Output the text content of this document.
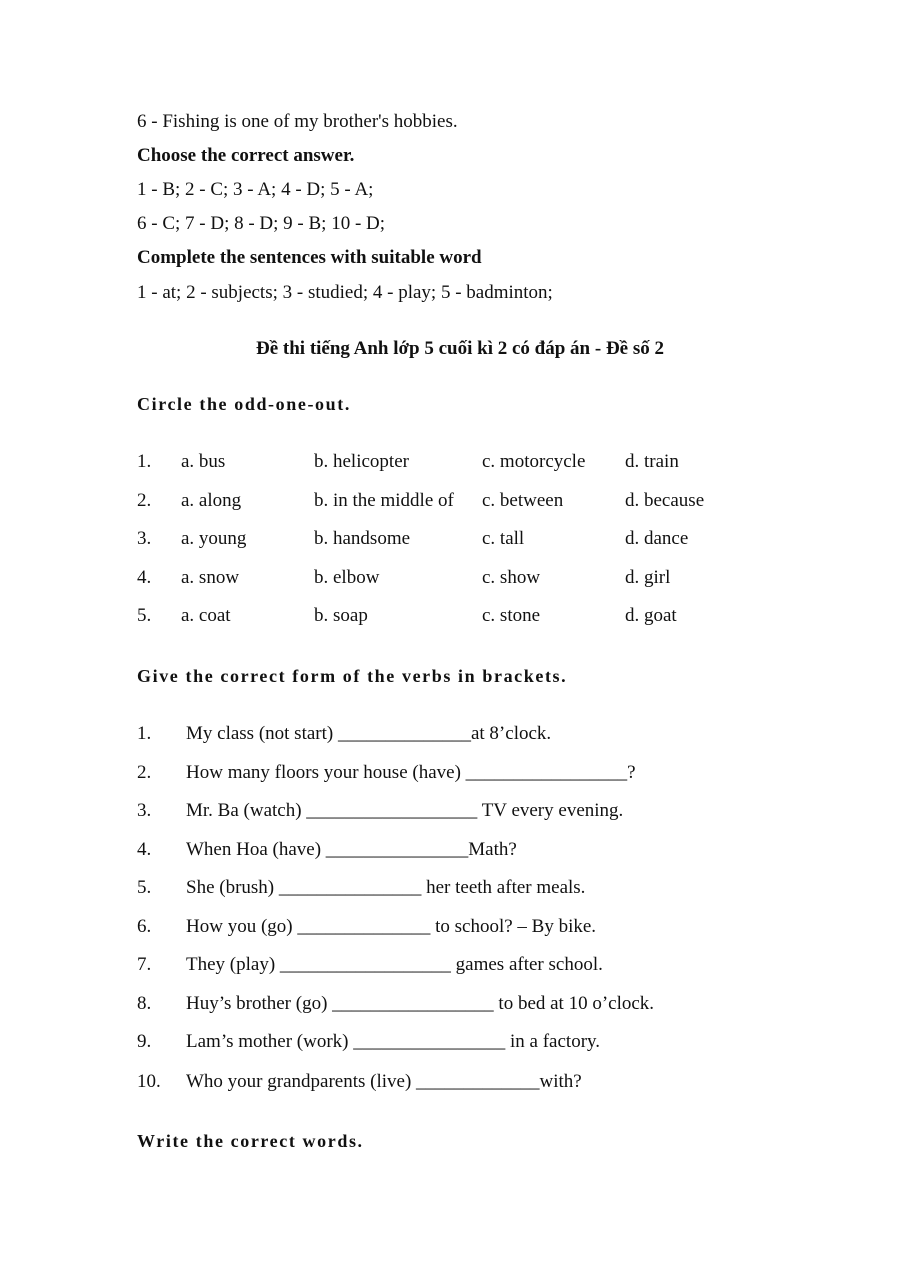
6 - Fishing is one of my brother's hobbies.
Choose the correct answer.
1 - B; 2 - C; 3 - A; 4 - D; 5 - A;
6 - C; 7 - D; 8 - D; 9 - B; 10 - D;
Complete the sentences with suitable word
1 - at; 2 - subjects; 3 - studied; 4 - play; 5 - badminton;
Đề thi tiếng Anh lớp 5 cuối kì 2 có đáp án - Đề số 2
Circle the odd-one-out.
1. a. bus	b. helicopter	c. motorcycle d. train
2. a. along	b. in the middle of c. between	d. because
3. a. young	b. handsome	c. tall	d. dance
4. a. snow	b. elbow	c. show	d. girl
5. a. coat	b. soap	c. stone	d. goat
Give the correct form of the verbs in brackets.
1. My class (not start) ______________at 8’clock.
2. How many floors your house (have) _________________?
3. Mr. Ba (watch) __________________ TV every evening.
4. When Hoa (have) _______________Math?
5. She (brush) _______________ her teeth after meals.
6. How you (go) ______________ to school? – By bike.
7. They (play) __________________ games after school.
8. Huy’s brother (go) _________________ to bed at 10 o’clock.
9. Lam’s mother (work) ________________ in a factory.
10. Who your grandparents (live) _____________with?
Write the correct words.
